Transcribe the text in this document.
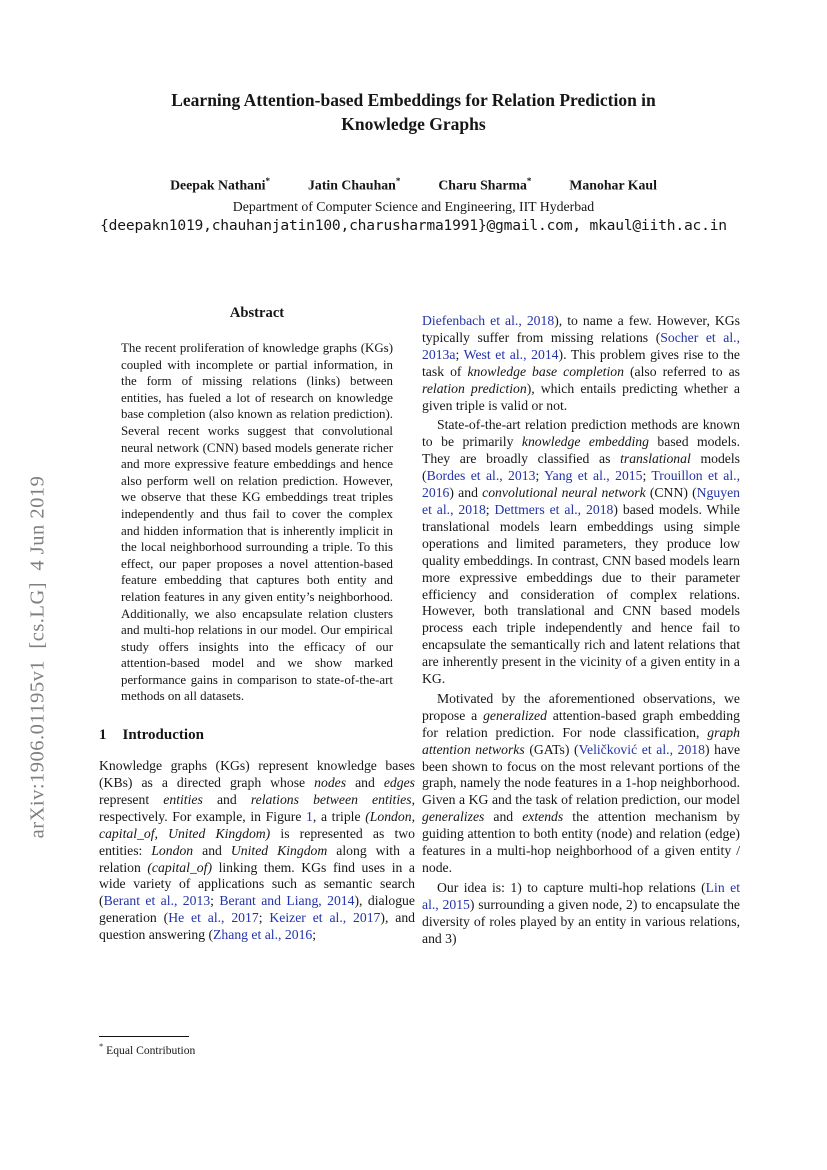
arXiv:1906.01195v1  [cs.LG]  4 Jun 2019
Learning Attention-based Embeddings for Relation Prediction in
Knowledge Graphs
Deepak Nathani*	Jatin Chauhan*	Charu Sharma*	Manohar Kaul
Department of Computer Science and Engineering, IIT Hyderbad
{deepakn1019,chauhanjatin100,charusharma1991}@gmail.com, mkaul@iith.ac.in
Abstract
The recent proliferation of knowledge graphs (KGs) coupled with incomplete or partial information, in the form of missing relations (links) between entities, has fueled a lot of research on knowledge base completion (also known as relation prediction). Several recent works suggest that convolutional neural network (CNN) based models generate richer and more expressive feature embeddings and hence also perform well on relation prediction. However, we observe that these KG embeddings treat triples independently and thus fail to cover the complex and hidden information that is inherently implicit in the local neighborhood surrounding a triple. To this effect, our paper proposes a novel attention-based feature embedding that captures both entity and relation features in any given entity’s neighborhood. Additionally, we also encapsulate relation clusters and multi-hop relations in our model. Our empirical study offers insights into the efficacy of our attention-based model and we show marked performance gains in comparison to state-of-the-art methods on all datasets.
1 Introduction

Knowledge graphs (KGs) represent knowledge bases (KBs) as a directed graph whose nodes and edges represent entities and relations between entities, respectively. For example, in Figure 1, a triple (London, capital_of, United Kingdom) is represented as two entities: London and United Kingdom along with a relation (capital_of) linking them. KGs find uses in a wide variety of applications such as semantic search (Berant et al., 2013; Berant and Liang, 2014), dialogue generation (He et al., 2017; Keizer et al., 2017), and question answering (Zhang et al., 2016;

Diefenbach et al., 2018), to name a few. However, KGs typically suffer from missing relations (Socher et al., 2013a; West et al., 2014). This problem gives rise to the task of knowledge base completion (also referred to as relation prediction), which entails predicting whether a given triple is valid or not.

State-of-the-art relation prediction methods are known to be primarily knowledge embedding based models. They are broadly classified as translational models (Bordes et al., 2013; Yang et al., 2015; Trouillon et al., 2016) and convolutional neural network (CNN) (Nguyen et al., 2018; Dettmers et al., 2018) based models. While translational models learn embeddings using simple operations and limited parameters, they produce low quality embeddings. In contrast, CNN based models learn more expressive embeddings due to their parameter efficiency and consideration of complex relations. However, both translational and CNN based models process each triple independently and hence fail to encapsulate the semantically rich and latent relations that are inherently present in the vicinity of a given entity in a KG.

Motivated by the aforementioned observations, we propose a generalized attention-based graph embedding for relation prediction. For node classification, graph attention networks (GATs) (Veličković et al., 2018) have been shown to focus on the most relevant portions of the graph, namely the node features in a 1-hop neighborhood. Given a KG and the task of relation prediction, our model generalizes and extends the attention mechanism by guiding attention to both entity (node) and relation (edge) features in a multi-hop neighborhood of a given entity / node.

Our idea is: 1) to capture multi-hop relations (Lin et al., 2015) surrounding a given node, 2) to encapsulate the diversity of roles played by an entity in various relations, and 3)

* Equal Contribution
